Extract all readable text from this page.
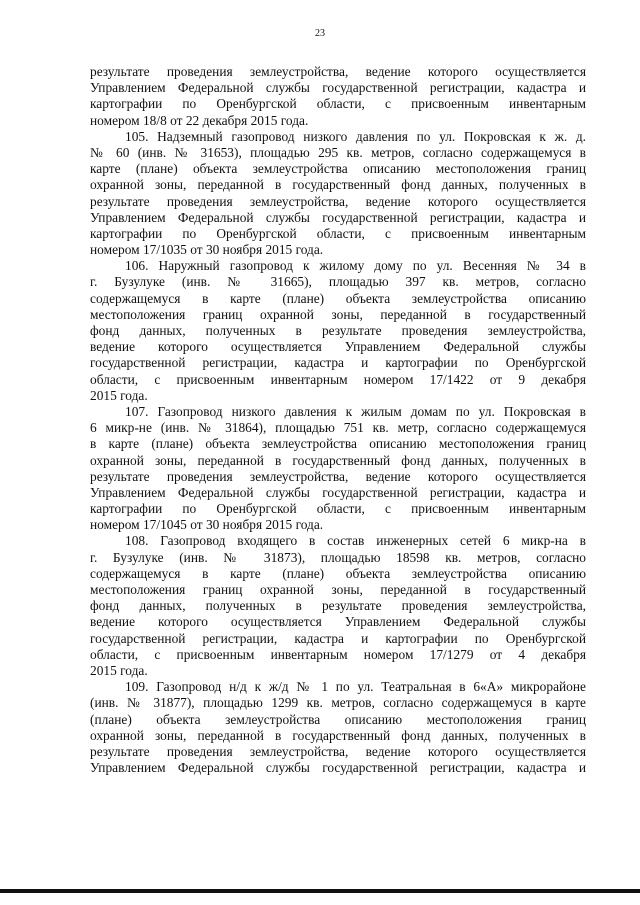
23
результате проведения землеустройства, ведение которого осуществляется
Управлением Федеральной службы государственной регистрации, кадастра и
картографии по Оренбургской области, с присвоенным инвентарным
номером 18/8 от 22 декабря 2015 года.
105. Надземный газопровод низкого давления по ул. Покровская к ж. д.
№ 60 (инв. № 31653), площадью 295 кв. метров, согласно содержащемуся в
карте (плане) объекта землеустройства описанию местоположения границ
охранной зоны, переданной в государственный фонд данных, полученных в
результате проведения землеустройства, ведение которого осуществляется
Управлением Федеральной службы государственной регистрации, кадастра и
картографии по Оренбургской области, с присвоенным инвентарным
номером 17/1035 от 30 ноября 2015 года.
106. Наружный газопровод к жилому дому по ул. Весенняя № 34 в
г. Бузулуке (инв. № 31665), площадью 397 кв. метров, согласно
содержащемуся в карте (плане) объекта землеустройства описанию
местоположения границ охранной зоны, переданной в государственный
фонд данных, полученных в результате проведения землеустройства,
ведение которого осуществляется Управлением Федеральной службы
государственной регистрации, кадастра и картографии по Оренбургской
области, с присвоенным инвентарным номером 17/1422 от 9 декабря
2015 года.
107. Газопровод низкого давления к жилым домам по ул. Покровская в
6 микр-не (инв. № 31864), площадью 751 кв. метр, согласно содержащемуся
в карте (плане) объекта землеустройства описанию местоположения границ
охранной зоны, переданной в государственный фонд данных, полученных в
результате проведения землеустройства, ведение которого осуществляется
Управлением Федеральной службы государственной регистрации, кадастра и
картографии по Оренбургской области, с присвоенным инвентарным
номером 17/1045 от 30 ноября 2015 года.
108. Газопровод входящего в состав инженерных сетей 6 микр-на в
г. Бузулуке (инв. № 31873), площадью 18598 кв. метров, согласно
содержащемуся в карте (плане) объекта землеустройства описанию
местоположения границ охранной зоны, переданной в государственный
фонд данных, полученных в результате проведения землеустройства,
ведение которого осуществляется Управлением Федеральной службы
государственной регистрации, кадастра и картографии по Оренбургской
области, с присвоенным инвентарным номером 17/1279 от 4 декабря
2015 года.
109. Газопровод н/д к ж/д № 1 по ул. Театральная в 6«А» микрорайоне
(инв. № 31877), площадью 1299 кв. метров, согласно содержащемуся в карте
(плане) объекта землеустройства описанию местоположения границ
охранной зоны, переданной в государственный фонд данных, полученных в
результате проведения землеустройства, ведение которого осуществляется
Управлением Федеральной службы государственной регистрации, кадастра и
